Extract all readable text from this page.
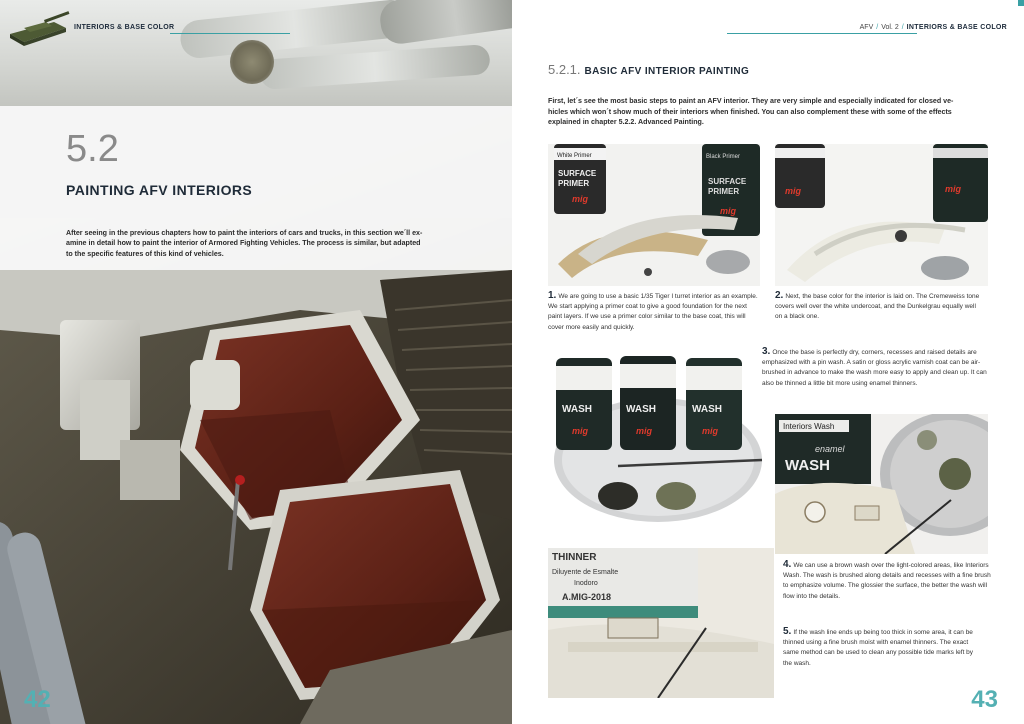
INTERIORS & BASE COLOR
5.2
PAINTING AFV INTERIORS
After seeing in the previous chapters how to paint the interiors of cars and trucks, in this section we´ll ex-
amine in detail how to paint the interior of Armored Fighting Vehicles. The process is similar, but adapted
to the specific features of this kind of vehicles.
42
AFV / Vol. 2 / INTERIORS & BASE COLOR
5.2.1. BASIC AFV INTERIOR PAINTING
First, let´s see the most basic steps to paint an AFV interior. They are very simple and especially indicated for closed ve-
hicles which won´t show much of their interiors when finished. You can also complement these with some of the effects
explained in chapter 5.2.2. Advanced Painting.
White Primer
SURFACE
PRIMER
mig
Black Primer
SURFACE
PRIMER
mig
mig	mig
1. We are going to use a basic 1/35 Tiger I turret interior as an example.
We start applying a primer coat to give a good foundation for the next
paint layers. If we use a primer color similar to the base coat, this will
cover more easily and quickly.
2. Next, the base color for the interior is laid on. The Cremeweiss tone
covers well over the white undercoat, and the Dunkelgrau equally well
on a black one.
WASH
mig
WASH
mig
WASH
mig
3. Once the base is perfectly dry, corners, recesses and raised details are
emphasized with a pin wash. A satin or gloss acrylic varnish coat can be air-
brushed in advance to make the wash more easy to apply and clean up. It can
also be thinned a little bit more using enamel thinners.
Interiors Wash
enamel
WASH
THINNER
Diluyente de Esmalte
Inodoro
A.MIG-2018
4. We can use a brown wash over the light-colored areas, like Interiors
Wash. The wash is brushed along details and recesses with a fine brush
to emphasize volume. The glossier the surface, the better the wash will
flow into the details.
5. If the wash line ends up being too thick in some area, it can be
thinned using a fine brush moist with enamel thinners. The exact
same method can be used to clean any possible tide marks left by
the wash.
43
